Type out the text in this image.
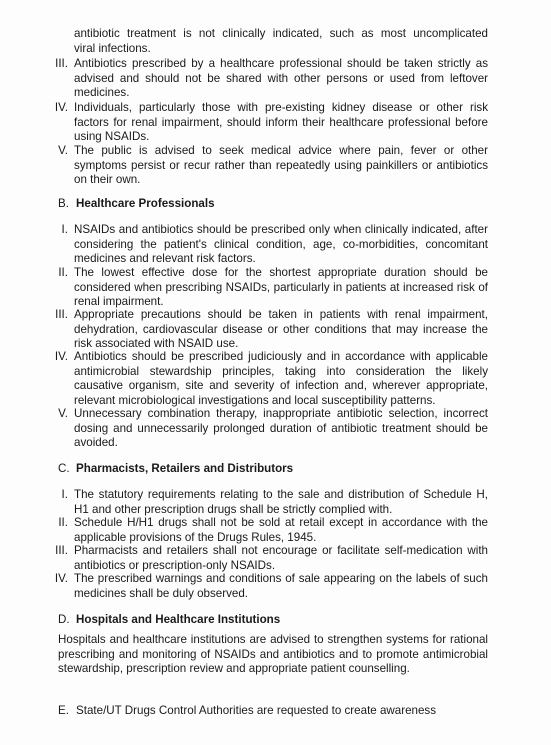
antibiotic treatment is not clinically indicated, such as most uncomplicated
viral infections.
III. Antibiotics prescribed by a healthcare professional should be taken strictly as advised and should not be shared with other persons or used from leftover medicines.
IV. Individuals, particularly those with pre-existing kidney disease or other risk factors for renal impairment, should inform their healthcare professional before using NSAIDs.
V. The public is advised to seek medical advice where pain, fever or other symptoms persist or recur rather than repeatedly using painkillers or antibiotics on their own.
B. Healthcare Professionals
I. NSAIDs and antibiotics should be prescribed only when clinically indicated, after considering the patient's clinical condition, age, co-morbidities, concomitant medicines and relevant risk factors.
II. The lowest effective dose for the shortest appropriate duration should be considered when prescribing NSAIDs, particularly in patients at increased risk of renal impairment.
III. Appropriate precautions should be taken in patients with renal impairment, dehydration, cardiovascular disease or other conditions that may increase the risk associated with NSAID use.
IV. Antibiotics should be prescribed judiciously and in accordance with applicable antimicrobial stewardship principles, taking into consideration the likely causative organism, site and severity of infection and, wherever appropriate, relevant microbiological investigations and local susceptibility patterns.
V. Unnecessary combination therapy, inappropriate antibiotic selection, incorrect dosing and unnecessarily prolonged duration of antibiotic treatment should be avoided.
C. Pharmacists, Retailers and Distributors
I. The statutory requirements relating to the sale and distribution of Schedule H, H1 and other prescription drugs shall be strictly complied with.
II. Schedule H/H1 drugs shall not be sold at retail except in accordance with the applicable provisions of the Drugs Rules, 1945.
III. Pharmacists and retailers shall not encourage or facilitate self-medication with antibiotics or prescription-only NSAIDs.
IV. The prescribed warnings and conditions of sale appearing on the labels of such medicines shall be duly observed.
D. Hospitals and Healthcare Institutions
Hospitals and healthcare institutions are advised to strengthen systems for rational prescribing and monitoring of NSAIDs and antibiotics and to promote antimicrobial stewardship, prescription review and appropriate patient counselling.
E. State/UT Drugs Control Authorities are requested to create awareness
